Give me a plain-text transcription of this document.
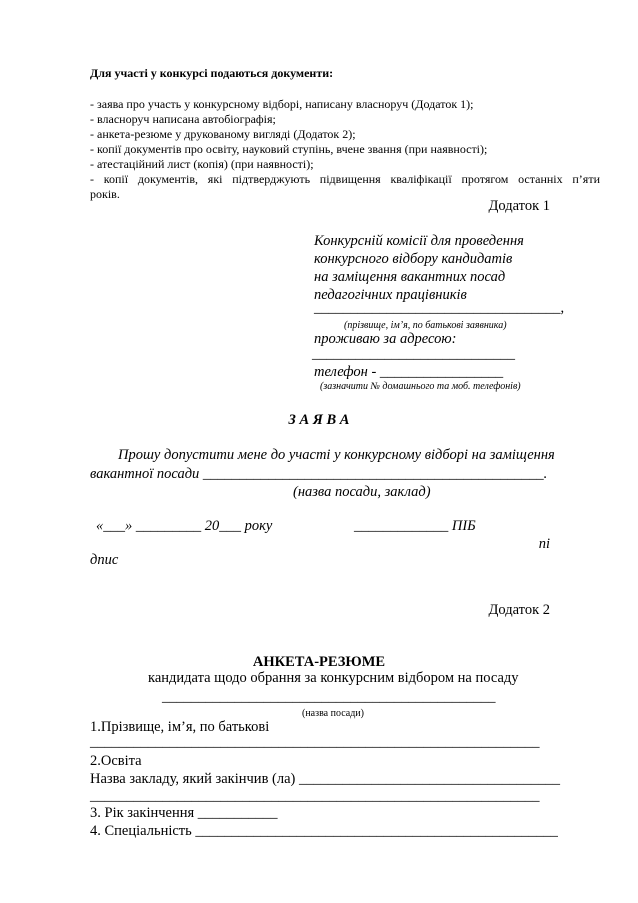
Для участі у конкурсі подаються документи:
- заява про участь у конкурсному відборі, написану власноруч (Додаток 1);
- власноруч написана автобіографія;
- анкета-резюме у друкованому вигляді (Додаток 2);
- копії документів про освіту, науковий ступінь, вчене звання (при наявності);
- атестаційний лист (копія) (при наявності);
- копії документів, які підтверджують підвищення кваліфікації протягом останніх п’яти
років.
Додаток 1
Конкурсній комісії для проведення
конкурсного відбору кандидатів
на заміщення вакантних посад
педагогічних працівників
__________________________________,
(прізвище, ім’я, по батькові заявника)
проживаю за адресою:
____________________________
телефон - _________________
(зазначити № домашнього та моб. телефонів)
З А Я В А
Прошу допустити мене до участі у конкурсному відборі на заміщення
вакантної посади _______________________________________________.
(назва посади, заклад)
«___» _________ 20___ року	_____________ ПІБ
пі
дпис
Додаток 2
АНКЕТА-РЕЗЮМЕ
кандидата щодо обрання за конкурсним відбором на посаду
______________________________________________
(назва посади)
1.Прізвище, ім’я, по батькові
______________________________________________________________
2.Освіта
Назва закладу, який закінчив (ла) ____________________________________
______________________________________________________________
3. Рік закінчення ___________
4. Спеціальність __________________________________________________
